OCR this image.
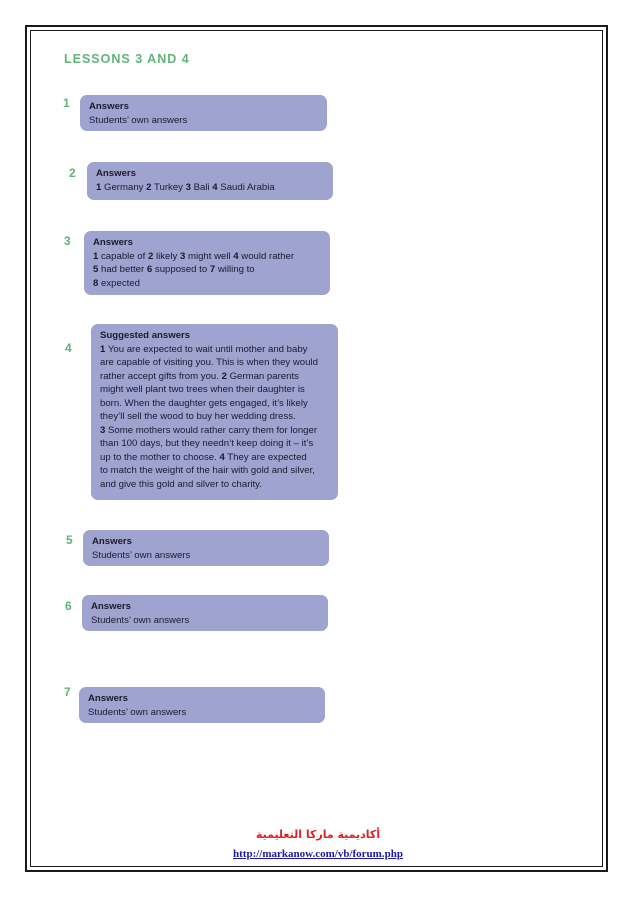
LESSONS 3 AND 4
1 Answers
Students’ own answers
2 Answers
1 Germany 2 Turkey 3 Bali 4 Saudi Arabia
3 Answers
1 capable of 2 likely 3 might well 4 would rather
5 had better 6 supposed to 7 willing to
8 expected
4
Suggested answers
1 You are expected to wait until mother and baby
are capable of visiting you. This is when they would
rather accept gifts from you. 2 German parents
might well plant two trees when their daughter is
born. When the daughter gets engaged, it’s likely
they’ll sell the wood to buy her wedding dress.
3 Some mothers would rather carry them for longer
than 100 days, but they needn’t keep doing it – it’s
up to the mother to choose. 4 They are expected
to match the weight of the hair with gold and silver,
and give this gold and silver to charity.
5 Answers
Students’ own answers
6 Answers
Students’ own answers
7 Answers
Students’ own answers
أكاديمية ماركا التعليمية
http://markanow.com/vb/forum.php
